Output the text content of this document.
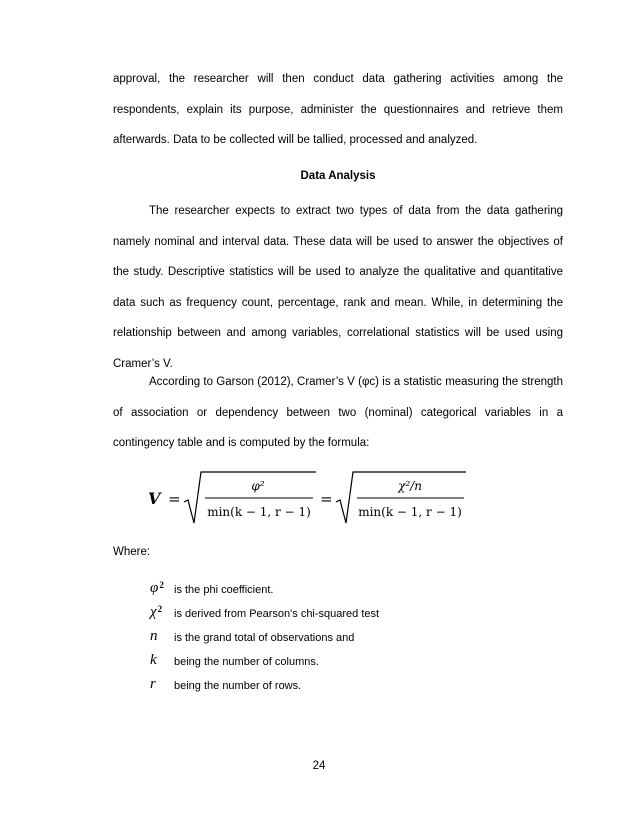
approval, the researcher will then conduct data gathering activities among the respondents, explain its purpose, administer the questionnaires and retrieve them afterwards. Data to be collected will be tallied, processed and analyzed.

Data Analysis

The researcher expects to extract two types of data from the data gathering namely nominal and interval data. These data will be used to answer the objectives of the study. Descriptive statistics will be used to analyze the qualitative and quantitative data such as frequency count, percentage, rank and mean. While, in determining the relationship between and among variables, correlational statistics will be used using Cramer’s V.

According to Garson (2012), Cramer’s V (φc) is a statistic measuring the strength of association or dependency between two (nominal) categorical variables in a contingency table and is computed by the formula:

V =
φ²
min(k − 1, r − 1)
=
χ²/n
min(k − 1, r − 1)

Where:

$\varphi^2$ is the phi coefficient.
$\chi^2$ is derived from Pearson's chi-squared test
n is the grand total of observations and
k being the number of columns.
r being the number of rows.
24
